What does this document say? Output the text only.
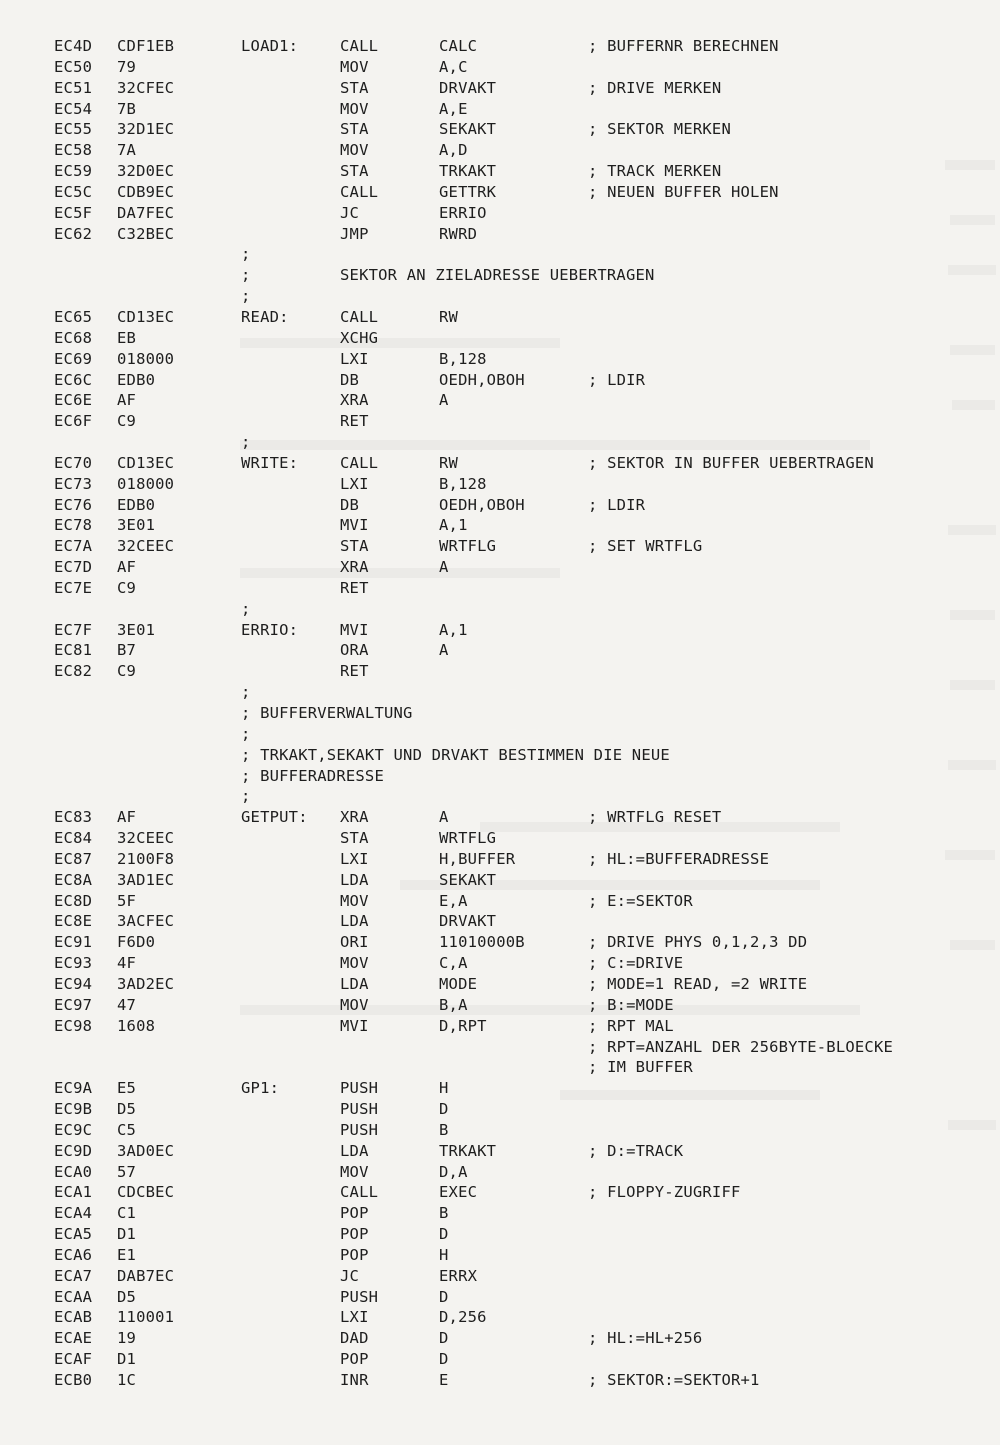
EC4D CDF1EB	LOAD1:	CALL	CALC	; BUFFERNR BERECHNEN
EC50 79	MOV	A,C
EC51 32CFEC	STA	DRVAKT	; DRIVE MERKEN
EC54 7B	MOV	A,E
EC55 32D1EC	STA	SEKAKT	; SEKTOR MERKEN
EC58 7A	MOV	A,D
EC59 32D0EC	STA	TRKAKT	; TRACK MERKEN
EC5C CDB9EC	CALL	GETTRK	; NEUEN BUFFER HOLEN
EC5F DA7FEC	JC	ERRIO
EC62 C32BEC	JMP	RWRD
;
;	SEKTOR AN ZIELADRESSE UEBERTRAGEN
;
EC65 CD13EC	READ:	CALL	RW
EC68 EB	XCHG
EC69 018000	LXI	B,128
EC6C EDB0	DB	OEDH,OBOH	; LDIR
EC6E AF	XRA	A
EC6F C9	RET
;
EC70 CD13EC	WRITE:	CALL	RW	; SEKTOR IN BUFFER UEBERTRAGEN
EC73 018000	LXI	B,128
EC76 EDB0	DB	OEDH,OBOH	; LDIR
EC78 3E01	MVI	A,1
EC7A 32CEEC	STA	WRTFLG	; SET WRTFLG
EC7D AF	XRA	A
EC7E C9	RET
;
EC7F 3E01	ERRIO:	MVI	A,1
EC81 B7	ORA	A
EC82 C9	RET
;
; BUFFERVERWALTUNG
;
; TRKAKT,SEKAKT UND DRVAKT BESTIMMEN DIE NEUE
; BUFFERADRESSE
;
EC83 AF	GETPUT: XRA	A	; WRTFLG RESET
EC84 32CEEC	STA	WRTFLG
EC87 2100F8	LXI	H,BUFFER	; HL:=BUFFERADRESSE
EC8A 3AD1EC	LDA	SEKAKT
EC8D 5F	MOV	E,A	; E:=SEKTOR
EC8E 3ACFEC	LDA	DRVAKT
EC91 F6D0	ORI	11010000B	; DRIVE PHYS 0,1,2,3 DD
EC93 4F	MOV	C,A	; C:=DRIVE
EC94 3AD2EC	LDA	MODE	; MODE=1 READ, =2 WRITE
EC97 47	MOV	B,A	; B:=MODE
EC98 1608	MVI	D,RPT	; RPT MAL
; RPT=ANZAHL DER 256BYTE-BLOECKE
; IM BUFFER
EC9A E5	GP1:	PUSH	H
EC9B D5	PUSH	D
EC9C C5	PUSH	B
EC9D 3AD0EC	LDA	TRKAKT	; D:=TRACK
ECA0 57	MOV	D,A
ECA1 CDCBEC	CALL	EXEC	; FLOPPY-ZUGRIFF
ECA4 C1	POP	B
ECA5 D1	POP	D
ECA6 E1	POP	H
ECA7 DAB7EC	JC	ERRX
ECAA D5	PUSH	D
ECAB 110001	LXI	D,256
ECAE 19	DAD	D	; HL:=HL+256
ECAF D1	POP	D
ECB0 1C	INR	E	; SEKTOR:=SEKTOR+1
